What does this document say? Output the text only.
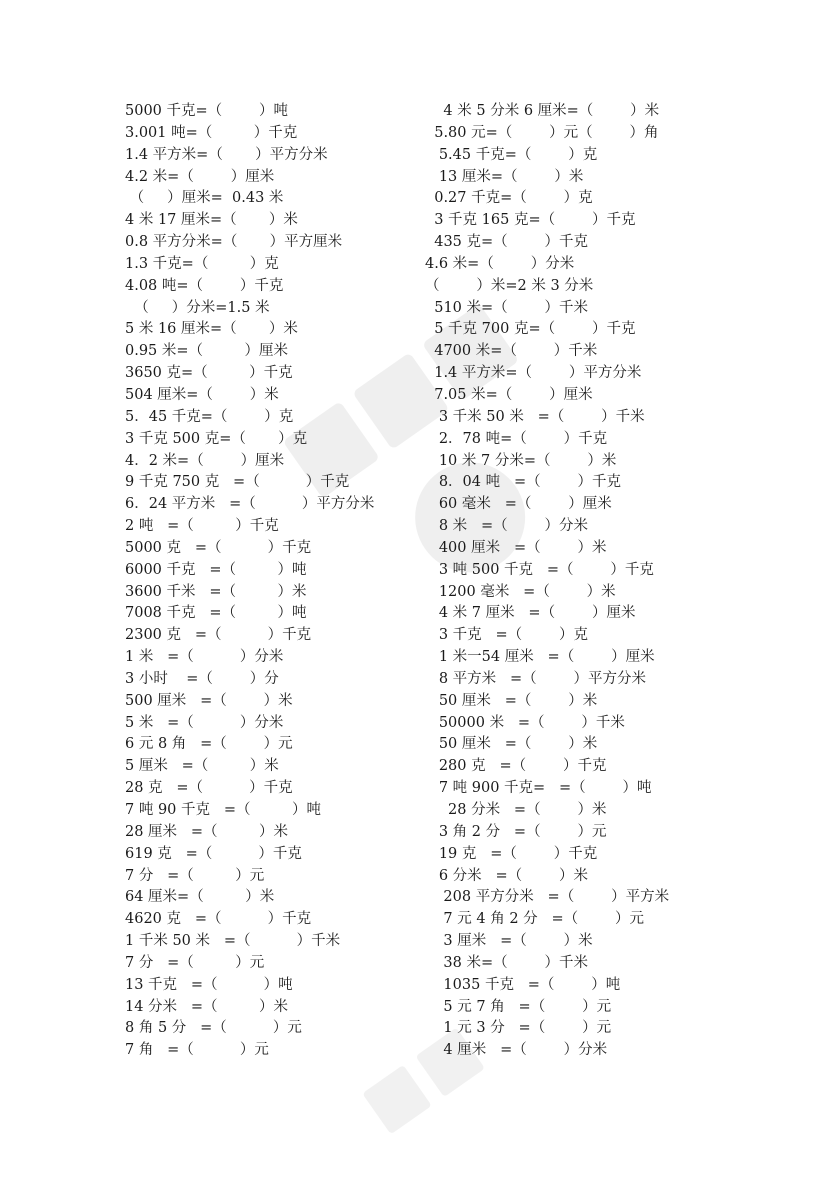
5000 千克=（        ）吨
3.001 吨=（         ）千克
1.4 平方米=（       ）平方分米
4.2 米=（        ）厘米
（     ）厘米=  0.43 米
4 米 17 厘米=（       ）米
0.8 平方分米=（       ）平方厘米
1.3 千克=（         ）克
4.08 吨=（        ）千克
（     ）分米=1.5 米
5 米 16 厘米=（       ）米
0.95 米=（         ）厘米
3650 克=（         ）千克
504 厘米=（        ）米
5．45 千克=（        ）克
3 千克 500 克=（       ）克
4．2 米=（        ）厘米
9 千克 750 克   =（          ）千克
6．24 平方米   =（          ）平方分米
2 吨   =（         ）千克
5000 克   =（          ）千克
6000 千克   =（         ）吨
3600 千米   =（         ）米
7008 千克   =（         ）吨
2300 克   =（          ）千克
1 米   =（          ）分米
3 小时    =（        ）分
500 厘米   =（        ）米
5 米   =（          ）分米
6 元 8 角   =（        ）元
5 厘米   =（         ）米
28 克   =（          ）千克
7 吨 90 千克   =（         ）吨
28 厘米   =（         ）米
619 克   =（          ）千克
7 分   =（         ）元
64 厘米=（         ）米
4620 克   =（          ）千克
1 千米 50 米   =（          ）千米
7 分   =（         ）元
13 千克   =（          ）吨
14 分米   =（         ）米
8 角 5 分   =（          ）元
7 角   =（          ）元
4 米 5 分米 6 厘米=（        ）米
5.80 元=（        ）元（        ）角
5.45 千克=（        ）克
13 厘米=（        ）米
0.27 千克=（        ）克
3 千克 165 克=（        ）千克
435 克=（        ）千克
4.6 米=（        ）分米
（        ）米=2 米 3 分米
510 米=（        ）千米
5 千克 700 克=（        ）千克
4700 米=（        ）千米
1.4 平方米=（        ）平方分米
7.05 米=（        ）厘米
3 千米 50 米   =（        ）千米
2．78 吨=（        ）千克
10 米 7 分米=（        ）米
8．04 吨   =（        ）千克
60 毫米   =（        ）厘米
8 米   =（        ）分米
400 厘米   =（        ）米
3 吨 500 千克   =（        ）千克
1200 毫米   =（        ）米
4 米 7 厘米   =（        ）厘米
3 千克   =（        ）克
1 米一54 厘米   =（        ）厘米
8 平方米   =（        ）平方分米
50 厘米   =（        ）米
50000 米   =（        ）千米
50 厘米   =（        ）米
280 克   =（        ）千克
7 吨 900 千克=   =（        ）吨
28 分米   =（        ）米
3 角 2 分   =（        ）元
19 克   =（        ）千克
6 分米   =（        ）米
208 平方分米   =（        ）平方米
7 元 4 角 2 分   =（        ）元
3 厘米   =（        ）米
38 米=（        ）千米
1035 千克   =（        ）吨
5 元 7 角   =（        ）元
1 元 3 分   =（        ）元
4 厘米   =（        ）分米
